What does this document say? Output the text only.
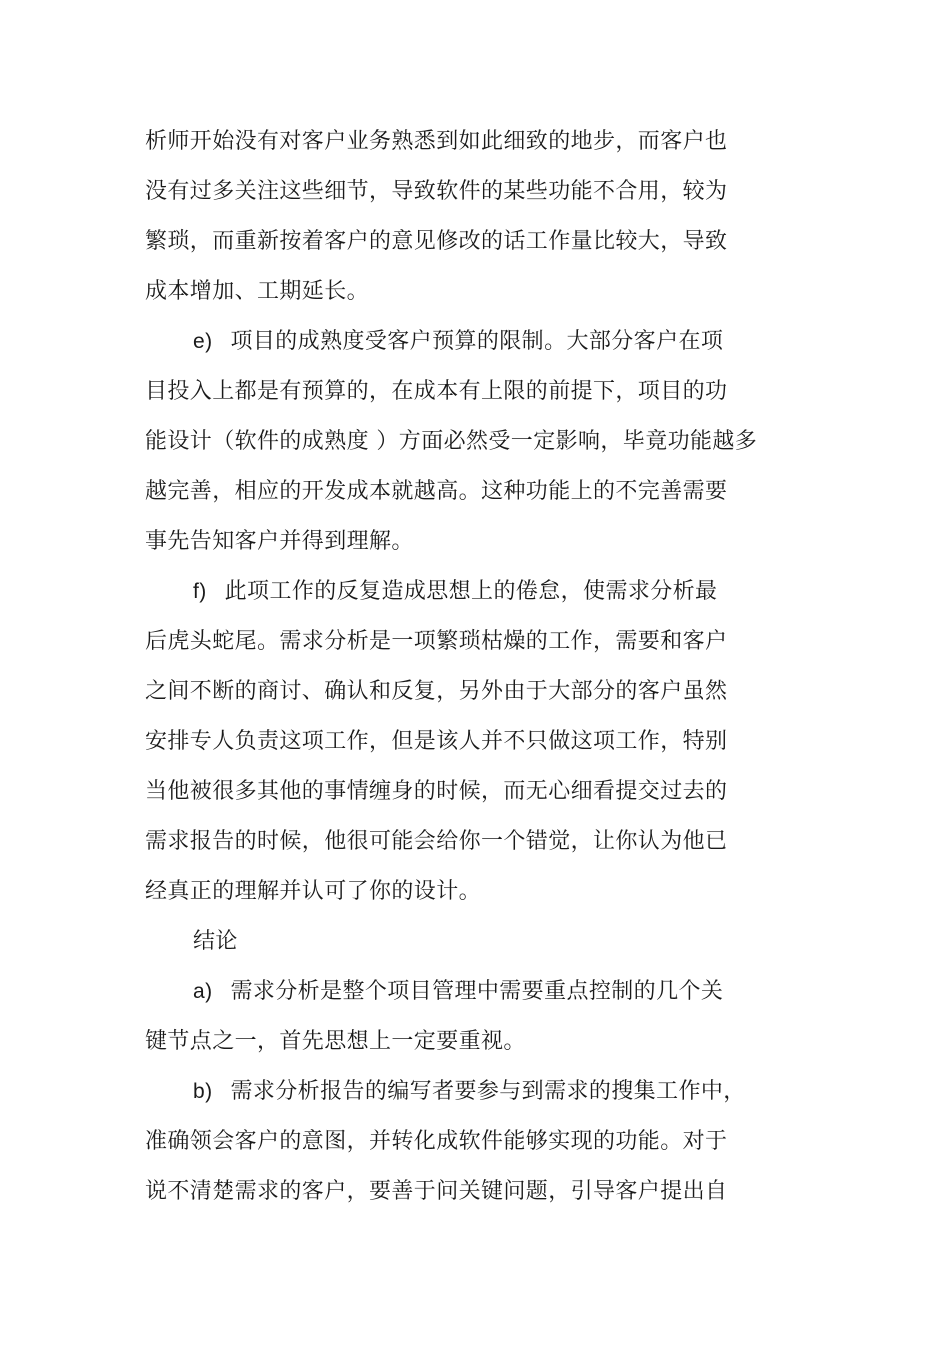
析师开始没有对客户业务熟悉到如此细致的地步，而客户也
没有过多关注这些细节，导致软件的某些功能不合用，较为
繁琐，而重新按着客户的意见修改的话工作量比较大，导致
成本增加、工期延长。
e) 项目的成熟度受客户预算的限制。大部分客户在项
目投入上都是有预算的，在成本有上限的前提下，项目的功
能设计（软件的成熟度 ）方面必然受一定影响，毕竟功能越多
越完善，相应的开发成本就越高。这种功能上的不完善需要
事先告知客户并得到理解。
f) 此项工作的反复造成思想上的倦怠，使需求分析最
后虎头蛇尾。需求分析是一项繁琐枯燥的工作，需要和客户
之间不断的商讨、确认和反复，另外由于大部分的客户虽然
安排专人负责这项工作，但是该人并不只做这项工作，特别
当他被很多其他的事情缠身的时候，而无心细看提交过去的
需求报告的时候，他很可能会给你一个错觉，让你认为他已
经真正的理解并认可了你的设计。
结论
a) 需求分析是整个项目管理中需要重点控制的几个关
键节点之一，首先思想上一定要重视。
b) 需求分析报告的编写者要参与到需求的搜集工作中，
准确领会客户的意图，并转化成软件能够实现的功能。对于
说不清楚需求的客户，要善于问关键问题，引导客户提出自
